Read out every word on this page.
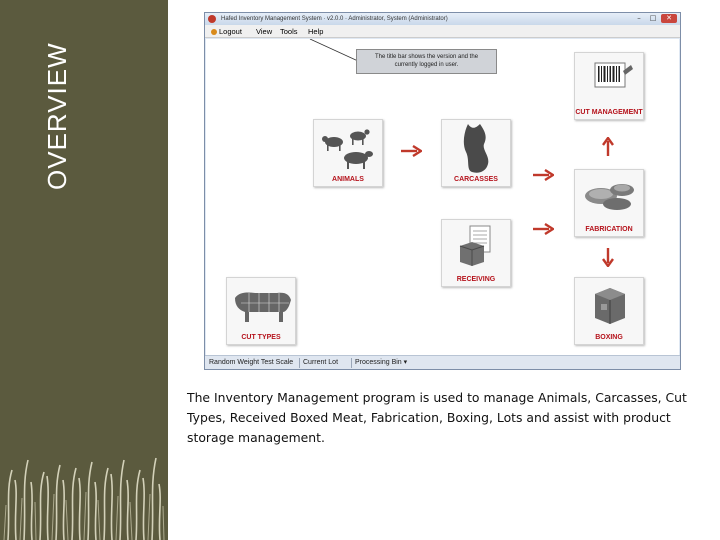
OVERVIEW
Hafed Inventory Management System · v2.0.0 · Administrator, System (Administrator)	–	□	✕
Logout View Tools Help
The title bar shows the version and the currently logged in user.
ANIMALS	CARCASSES
CUT MANAGEMENT
FABRICATION
RECEIVING
BOXING
CUT TYPES
Random Weight Test Scale Current Lot Processing Bin ▾
The Inventory Management program is used to manage Animals, Carcasses, Cut Types, Received Boxed Meat, Fabrication, Boxing, Lots and assist with product storage management.
